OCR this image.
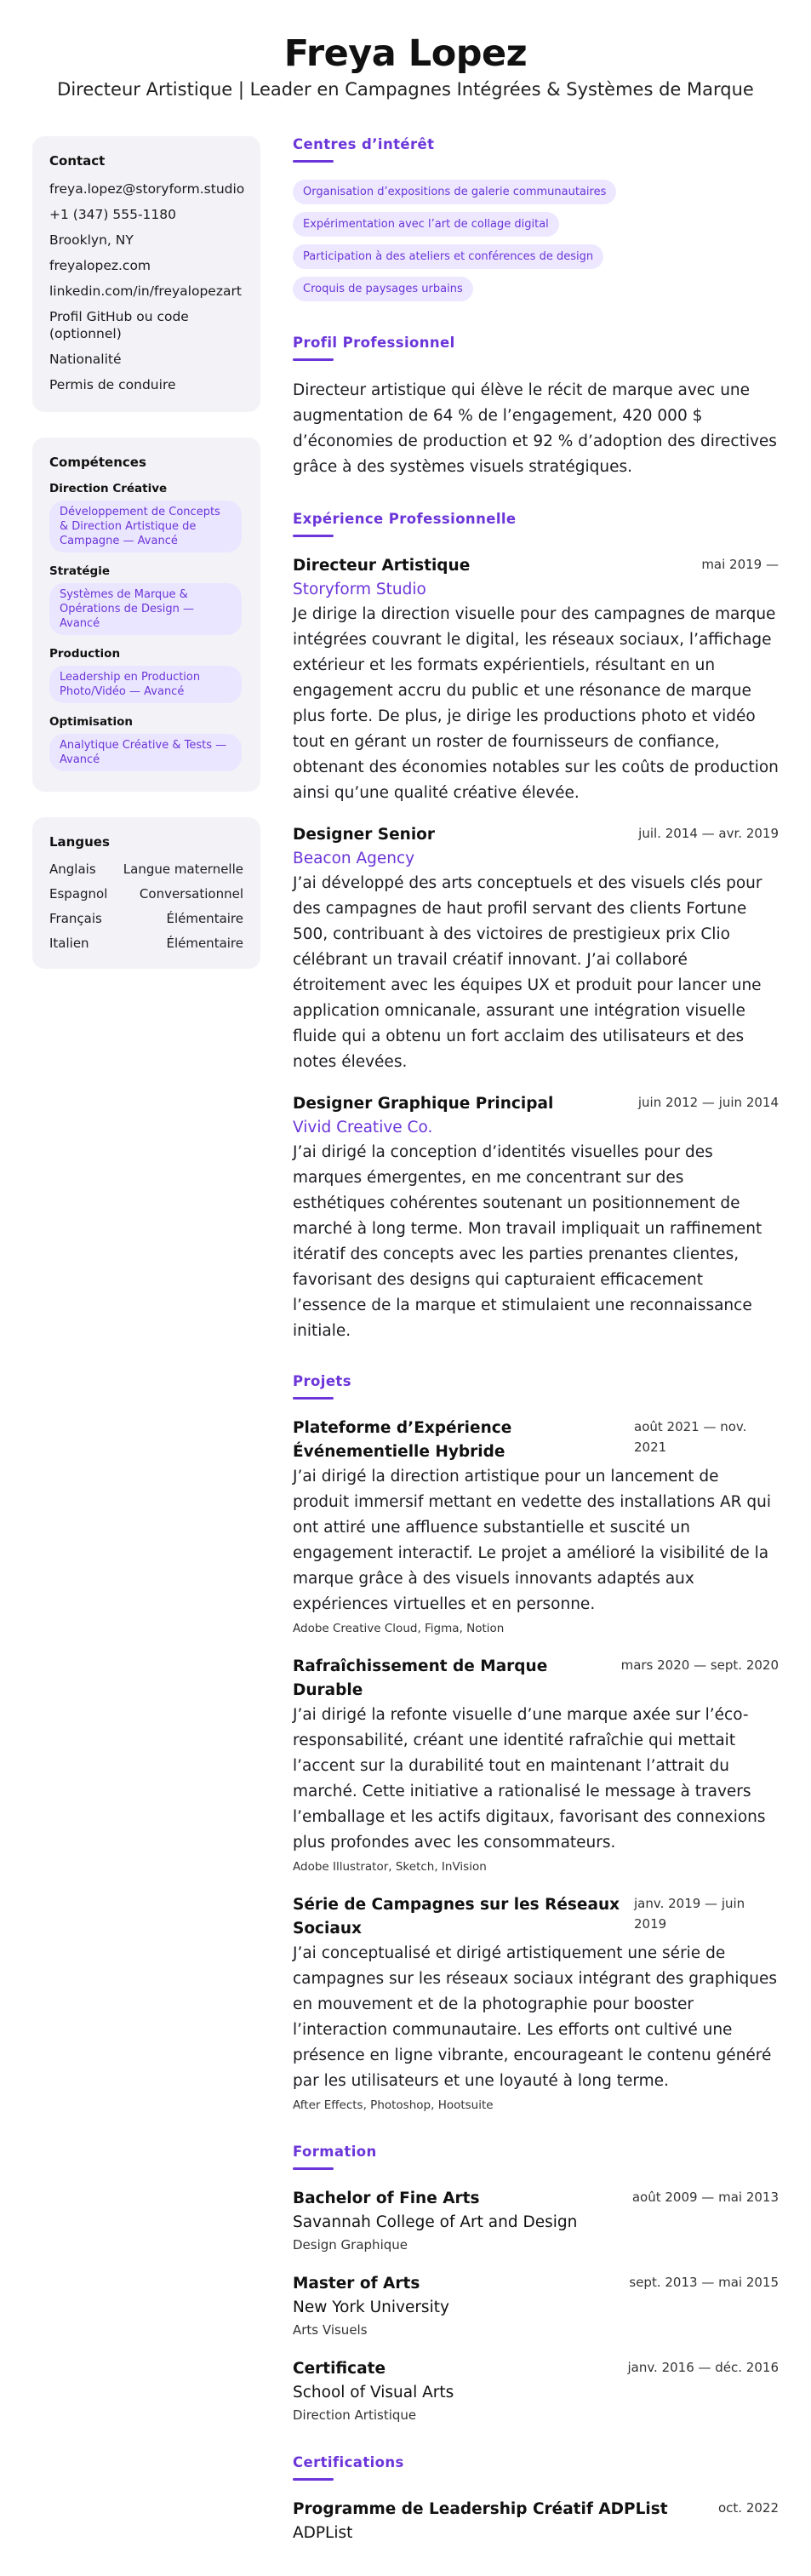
Freya Lopez
Directeur Artistique | Leader en Campagnes Intégrées & Systèmes de Marque
Contact
freya.lopez@storyform.studio
+1 (347) 555-1180
Brooklyn, NY
freyalopez.com
linkedin.com/in/freyalopezart
Profil GitHub ou code (optionnel)
Nationalité
Permis de conduire
Compétences
Direction Créative
Développement de Concepts & Direction Artistique de Campagne — Avancé
Stratégie
Systèmes de Marque & Opérations de Design — Avancé
Production
Leadership en Production Photo/Vidéo — Avancé
Optimisation
Analytique Créative & Tests — Avancé
Langues
Anglais Langue maternelle
Espagnol	Conversationnel
Français	Élémentaire
Italien	Élémentaire
Centres d’intérêt
Organisation d’expositions de galerie communautaires
Expérimentation avec l’art de collage digital
Participation à des ateliers et conférences de design
Croquis de paysages urbains
Profil Professionnel
Directeur artistique qui élève le récit de marque avec une augmentation de 64 % de l’engagement, 420 000 $ d’économies de production et 92 % d’adoption des directives grâce à des systèmes visuels stratégiques.
Expérience Professionnelle
Directeur Artistique	mai 2019 —
Storyform Studio
Je dirige la direction visuelle pour des campagnes de marque intégrées couvrant le digital, les réseaux sociaux, l’affichage extérieur et les formats expérientiels, résultant en un engagement accru du public et une résonance de marque plus forte. De plus, je dirige les productions photo et vidéo tout en gérant un roster de fournisseurs de confiance, obtenant des économies notables sur les coûts de production ainsi qu’une qualité créative élevée.
Designer Senior	juil. 2014 — avr. 2019
Beacon Agency
J’ai développé des arts conceptuels et des visuels clés pour des campagnes de haut profil servant des clients Fortune 500, contribuant à des victoires de prestigieux prix Clio célébrant un travail créatif innovant. J’ai collaboré étroitement avec les équipes UX et produit pour lancer une application omnicanale, assurant une intégration visuelle fluide qui a obtenu un fort acclaim des utilisateurs et des notes élevées.
Designer Graphique Principal	juin 2012 — juin 2014
Vivid Creative Co.
J’ai dirigé la conception d’identités visuelles pour des marques émergentes, en me concentrant sur des esthétiques cohérentes soutenant un positionnement de marché à long terme. Mon travail impliquait un raffinement itératif des concepts avec les parties prenantes clientes, favorisant des designs qui capturaient efficacement l’essence de la marque et stimulaient une reconnaissance initiale.
Projets
Plateforme d’Expérience Événementielle Hybride
août 2021 — nov. 2021
J’ai dirigé la direction artistique pour un lancement de produit immersif mettant en vedette des installations AR qui ont attiré une affluence substantielle et suscité un engagement interactif. Le projet a amélioré la visibilité de la marque grâce à des visuels innovants adaptés aux expériences virtuelles et en personne.
Adobe Creative Cloud, Figma, Notion
Rafraîchissement de Marque Durable
mars 2020 — sept. 2020
J’ai dirigé la refonte visuelle d’une marque axée sur l’éco-responsabilité, créant une identité rafraîchie qui mettait l’accent sur la durabilité tout en maintenant l’attrait du marché. Cette initiative a rationalisé le message à travers l’emballage et les actifs digitaux, favorisant des connexions plus profondes avec les consommateurs.
Adobe Illustrator, Sketch, InVision
Série de Campagnes sur les Réseaux Sociaux
janv. 2019 — juin 2019
J’ai conceptualisé et dirigé artistiquement une série de campagnes sur les réseaux sociaux intégrant des graphiques en mouvement et de la photographie pour booster l’interaction communautaire. Les efforts ont cultivé une présence en ligne vibrante, encourageant le contenu généré par les utilisateurs et une loyauté à long terme.
After Effects, Photoshop, Hootsuite
Formation
Bachelor of Fine Arts	août 2009 — mai 2013
Savannah College of Art and Design
Design Graphique
Master of Arts	sept. 2013 — mai 2015
New York University
Arts Visuels
Certificate	janv. 2016 — déc. 2016
School of Visual Arts
Direction Artistique
Certifications
Programme de Leadership Créatif ADPList	oct. 2022
ADPList
